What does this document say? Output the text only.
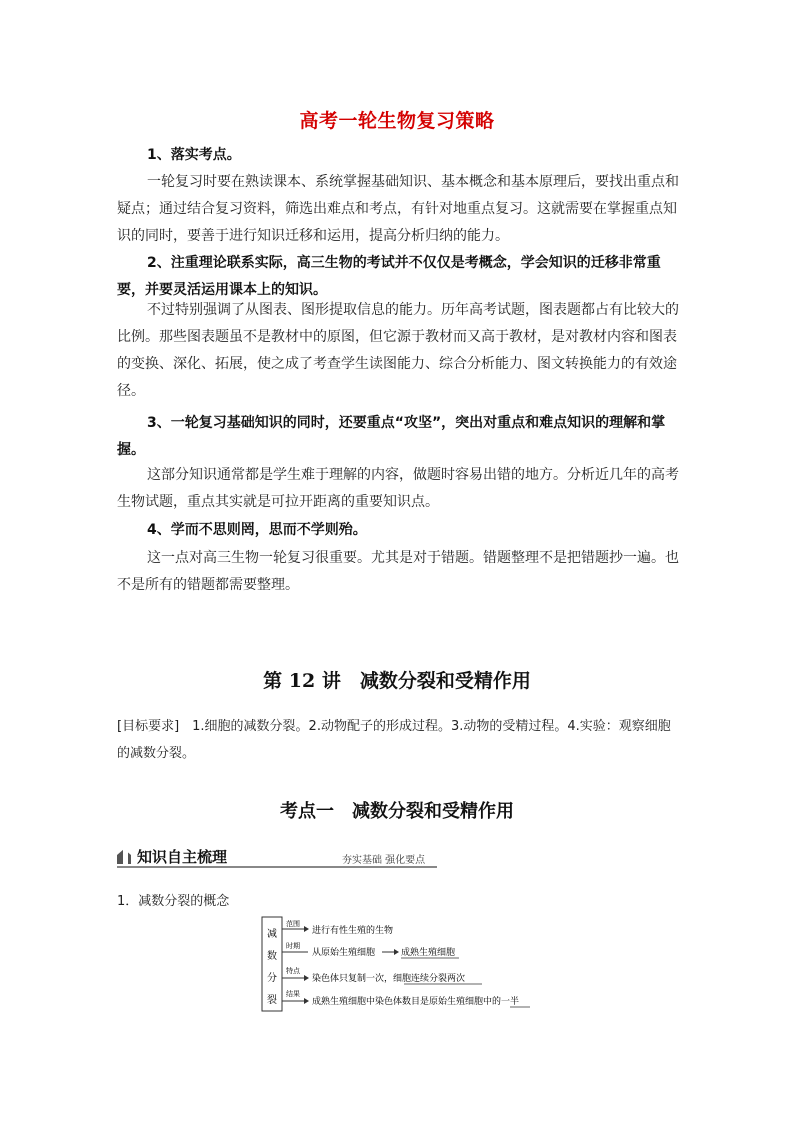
高考一轮生物复习策略
1、落实考点。
一轮复习时要在熟读课本、系统掌握基础知识、基本概念和基本原理后，要找出重点和疑点；通过结合复习资料，筛选出难点和考点，有针对地重点复习。这就需要在掌握重点知识的同时，要善于进行知识迁移和运用，提高分析归纳的能力。
2、注重理论联系实际，高三生物的考试并不仅仅是考概念，学会知识的迁移非常重要，并要灵活运用课本上的知识。
不过特别强调了从图表、图形提取信息的能力。历年高考试题，图表题都占有比较大的比例。那些图表题虽不是教材中的原图，但它源于教材而又高于教材，是对教材内容和图表的变换、深化、拓展，使之成了考查学生读图能力、综合分析能力、图文转换能力的有效途径。
3、一轮复习基础知识的同时，还要重点“攻坚”，突出对重点和难点知识的理解和掌握。
这部分知识通常都是学生难于理解的内容，做题时容易出错的地方。分析近几年的高考生物试题，重点其实就是可拉开距离的重要知识点。
4、学而不思则罔，思而不学则殆。
这一点对高三生物一轮复习很重要。尤其是对于错题。错题整理不是把错题抄一遍。也不是所有的错题都需要整理。
第 12 讲　减数分裂和受精作用
[目标要求]　1.细胞的减数分裂。2.动物配子的形成过程。3.动物的受精过程。4.实验：观察细胞的减数分裂。
考点一　减数分裂和受精作用
知识自主梳理	夯实基础 强化要点
1．减数分裂的概念
减
数
分
裂
范围
进行有性生殖的生物
时期
从原始生殖细胞	成熟生殖细胞
特点
染色体只复制一次，细胞连续分裂两次
结果
成熟生殖细胞中染色体数目是原始生殖细胞中的一半
